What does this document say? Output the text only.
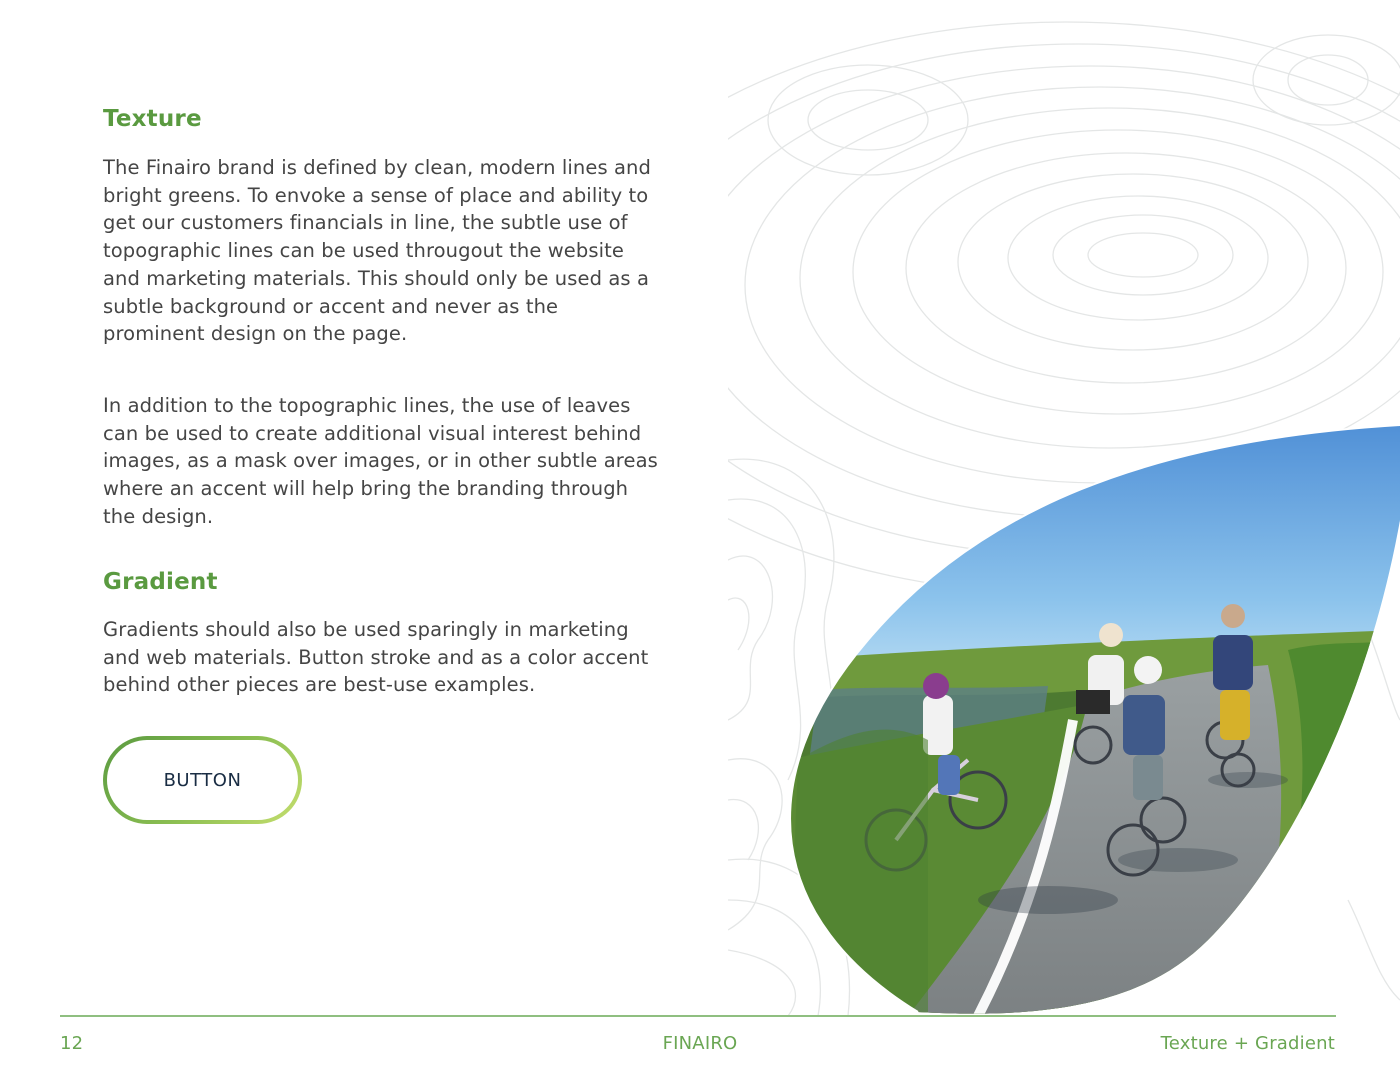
Texture

The Finairo brand is defined by clean, modern lines and bright greens. To envoke a sense of place and ability to get our customers financials in line, the subtle use of topographic lines can be used througout the website and marketing materials. This should only be used as a subtle background or accent and never as the prominent design on the page.

In addition to the topographic lines, the use of leaves can be used to create additional visual interest behind images, as a mask over images, or in other subtle areas where an accent will help bring the branding through the design.

Gradient

Gradients should also be used sparingly in marketing and web materials. Button stroke and as a color accent behind other pieces are best-use examples.

BUTTON
12	FINAIRO	Texture + Gradient
